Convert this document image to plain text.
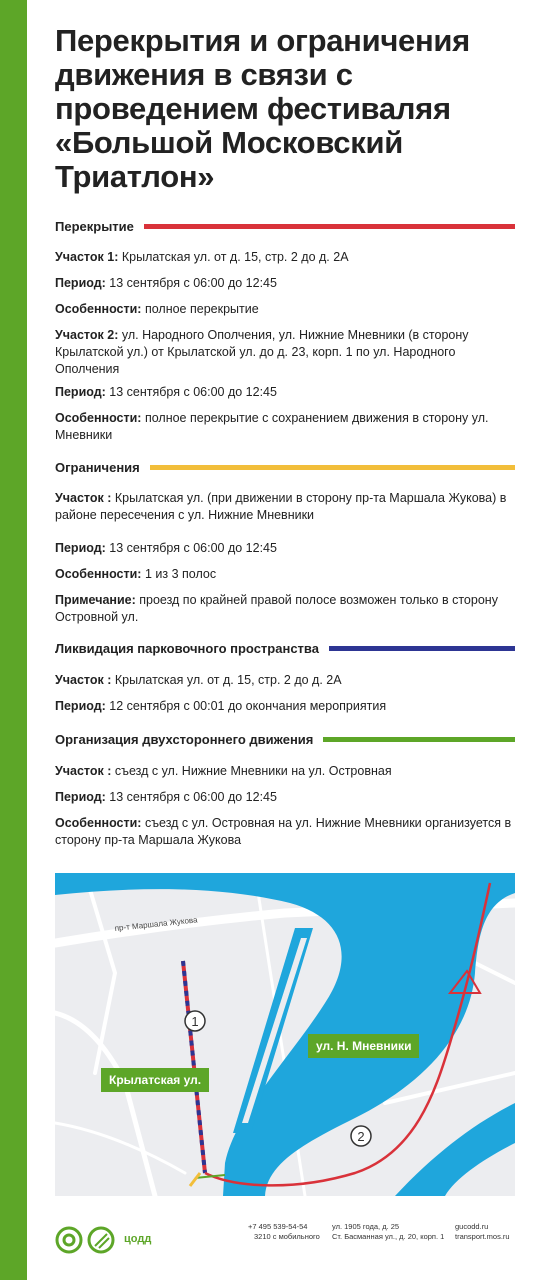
Перекрытия и ограничения движения в связи с проведением фестиваляя «Большой Московский Триатлон»
Перекрытие

Участок 1: Крылатская ул. от д. 15, стр. 2 до д. 2А

Период: 13 сентября с 06:00 до 12:45

Особенности: полное перекрытие

Участок 2: ул. Народного Ополчения, ул. Нижние Мневники (в сторону Крылатской ул.) от Крылатской ул. до д. 23, корп. 1 по ул. Народного Ополчения

Период: 13 сентября с 06:00 до 12:45

Особенности: полное перекрытие с сохранением движения в сторону ул. Мневники

Ограничения

Участок : Крылатская ул. (при движении в сторону пр-та Маршала Жукова) в районе пересечения с ул. Нижние Мневники

Период: 13 сентября с 06:00 до 12:45

Особенности: 1 из 3 полос

Примечание: проезд по крайней правой полосе возможен только в сторону Островной ул.

Ликвидация парковочного пространства

Участок : Крылатская ул. от д. 15, стр. 2 до д. 2А

Период: 12 сентября с 00:01 до окончания мероприятия

Организация двухстороннего движения

Участок : съезд с ул. Нижние Мневники на ул. Островная

Период: 13 сентября с 06:00 до 12:45

Особенности: съезд с ул. Островная на ул. Нижние Мневники организуется в сторону пр-та Маршала Жукова

1
2
пр-т Маршала Жукова
Крылатская ул.
ул. Н. Мневники
цодд
+7 495 539-54-54
3210 с мобильного
ул. 1905 года, д. 25
Ст. Басманная ул., д. 20, корп. 1
gucodd.ru
transport.mos.ru
